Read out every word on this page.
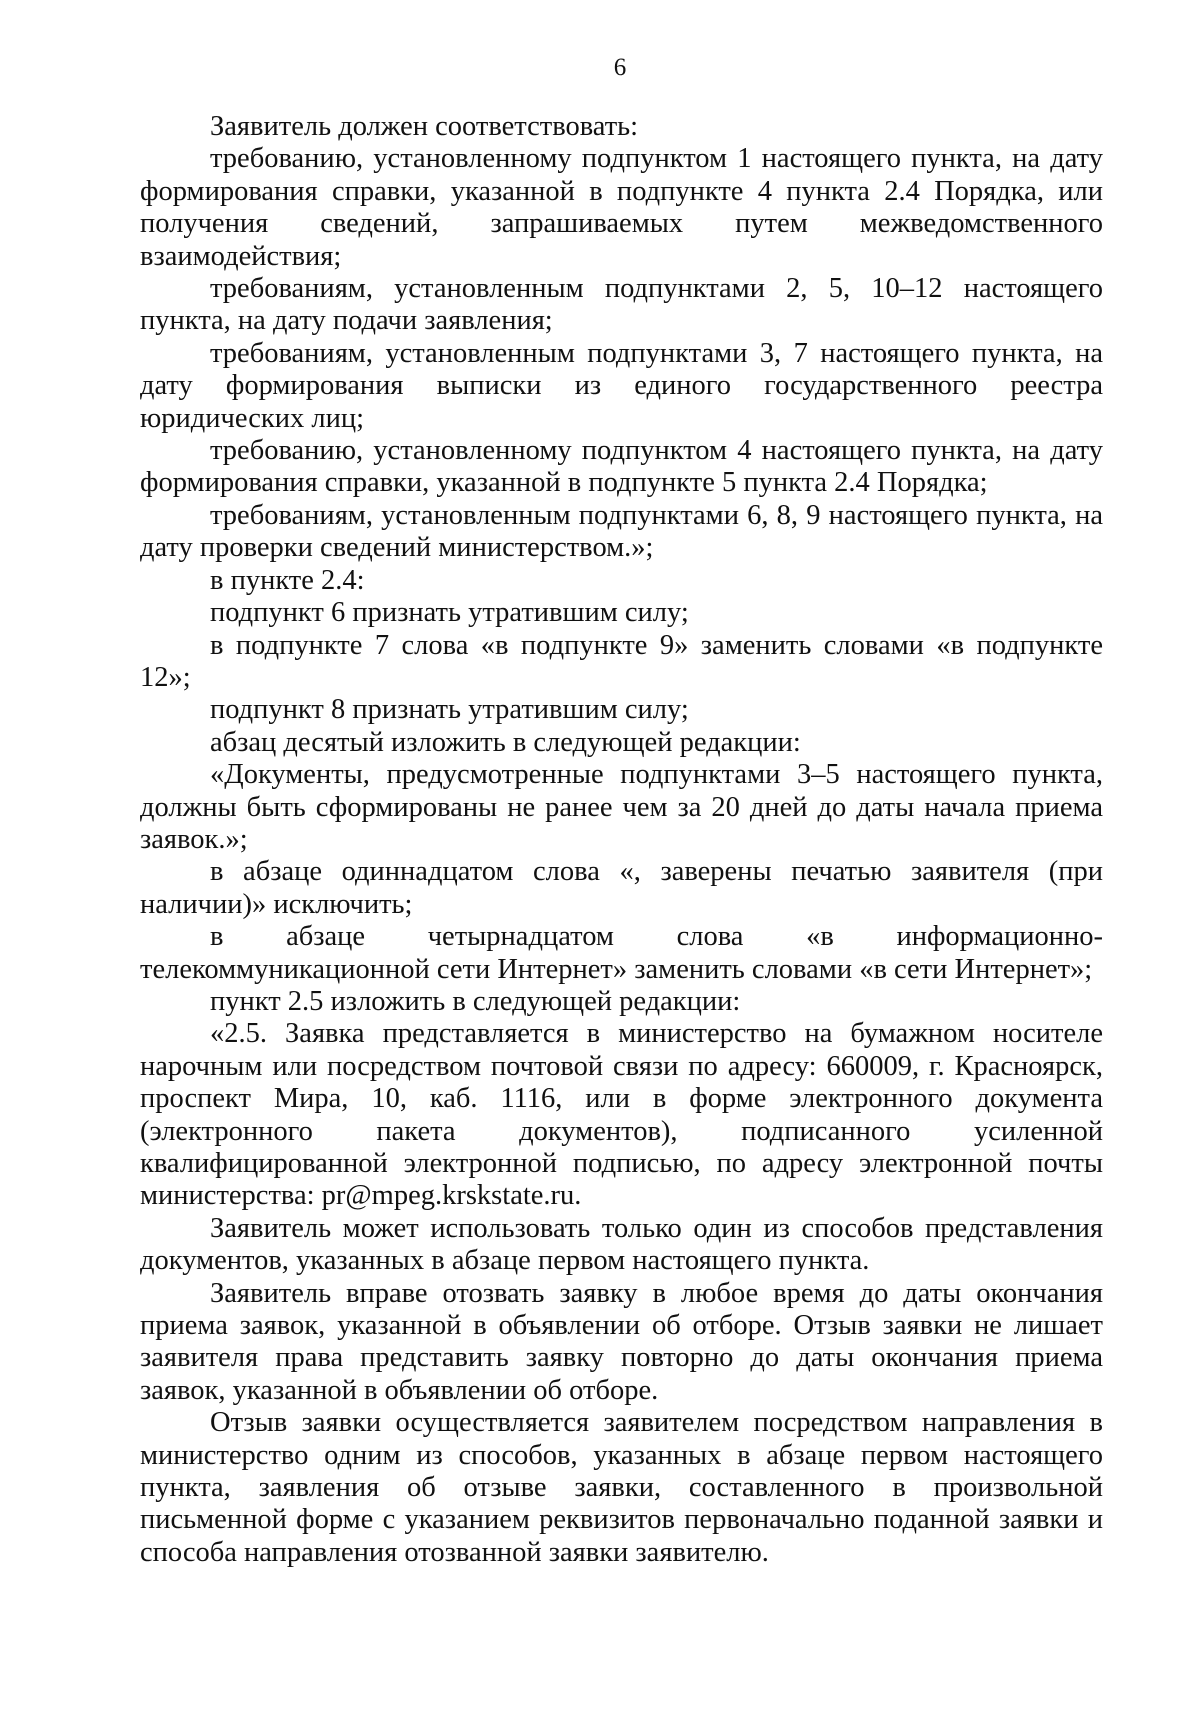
6

Заявитель должен соответствовать:

требованию, установленному подпунктом 1 настоящего пункта, на дату формирования справки, указанной в подпункте 4 пункта 2.4 Порядка, или получения сведений, запрашиваемых путем межведомственного взаимодействия;

требованиям, установленным подпунктами 2, 5, 10–12 настоящего пункта, на дату подачи заявления;

требованиям, установленным подпунктами 3, 7 настоящего пункта, на дату формирования выписки из единого государственного реестра юридических лиц;

требованию, установленному подпунктом 4 настоящего пункта, на дату формирования справки, указанной в подпункте 5 пункта 2.4 Порядка;

требованиям, установленным подпунктами 6, 8, 9 настоящего пункта, на дату проверки сведений министерством.»;

в пункте 2.4:

подпункт 6 признать утратившим силу;

в подпункте 7 слова «в подпункте 9» заменить словами «в подпункте 12»;

подпункт 8 признать утратившим силу;

абзац десятый изложить в следующей редакции:

«Документы, предусмотренные подпунктами 3–5 настоящего пункта, должны быть сформированы не ранее чем за 20 дней до даты начала приема заявок.»;

в абзаце одиннадцатом слова «, заверены печатью заявителя (при наличии)» исключить;

в абзаце четырнадцатом слова «в информационно-телекоммуникационной сети Интернет» заменить словами «в сети Интернет»;

пункт 2.5 изложить в следующей редакции:

«2.5. Заявка представляется в министерство на бумажном носителе нарочным или посредством почтовой связи по адресу: 660009, г. Красноярск, проспект Мира, 10, каб. 1116, или в форме электронного документа (электронного пакета документов), подписанного усиленной квалифицированной электронной подписью, по адресу электронной почты министерства: pr@mpeg.krskstate.ru.

Заявитель может использовать только один из способов представления документов, указанных в абзаце первом настоящего пункта.

Заявитель вправе отозвать заявку в любое время до даты окончания приема заявок, указанной в объявлении об отборе. Отзыв заявки не лишает заявителя права представить заявку повторно до даты окончания приема заявок, указанной в объявлении об отборе.

Отзыв заявки осуществляется заявителем посредством направления в министерство одним из способов, указанных в абзаце первом настоящего пункта, заявления об отзыве заявки, составленного в произвольной письменной форме с указанием реквизитов первоначально поданной заявки и способа направления отозванной заявки заявителю.
